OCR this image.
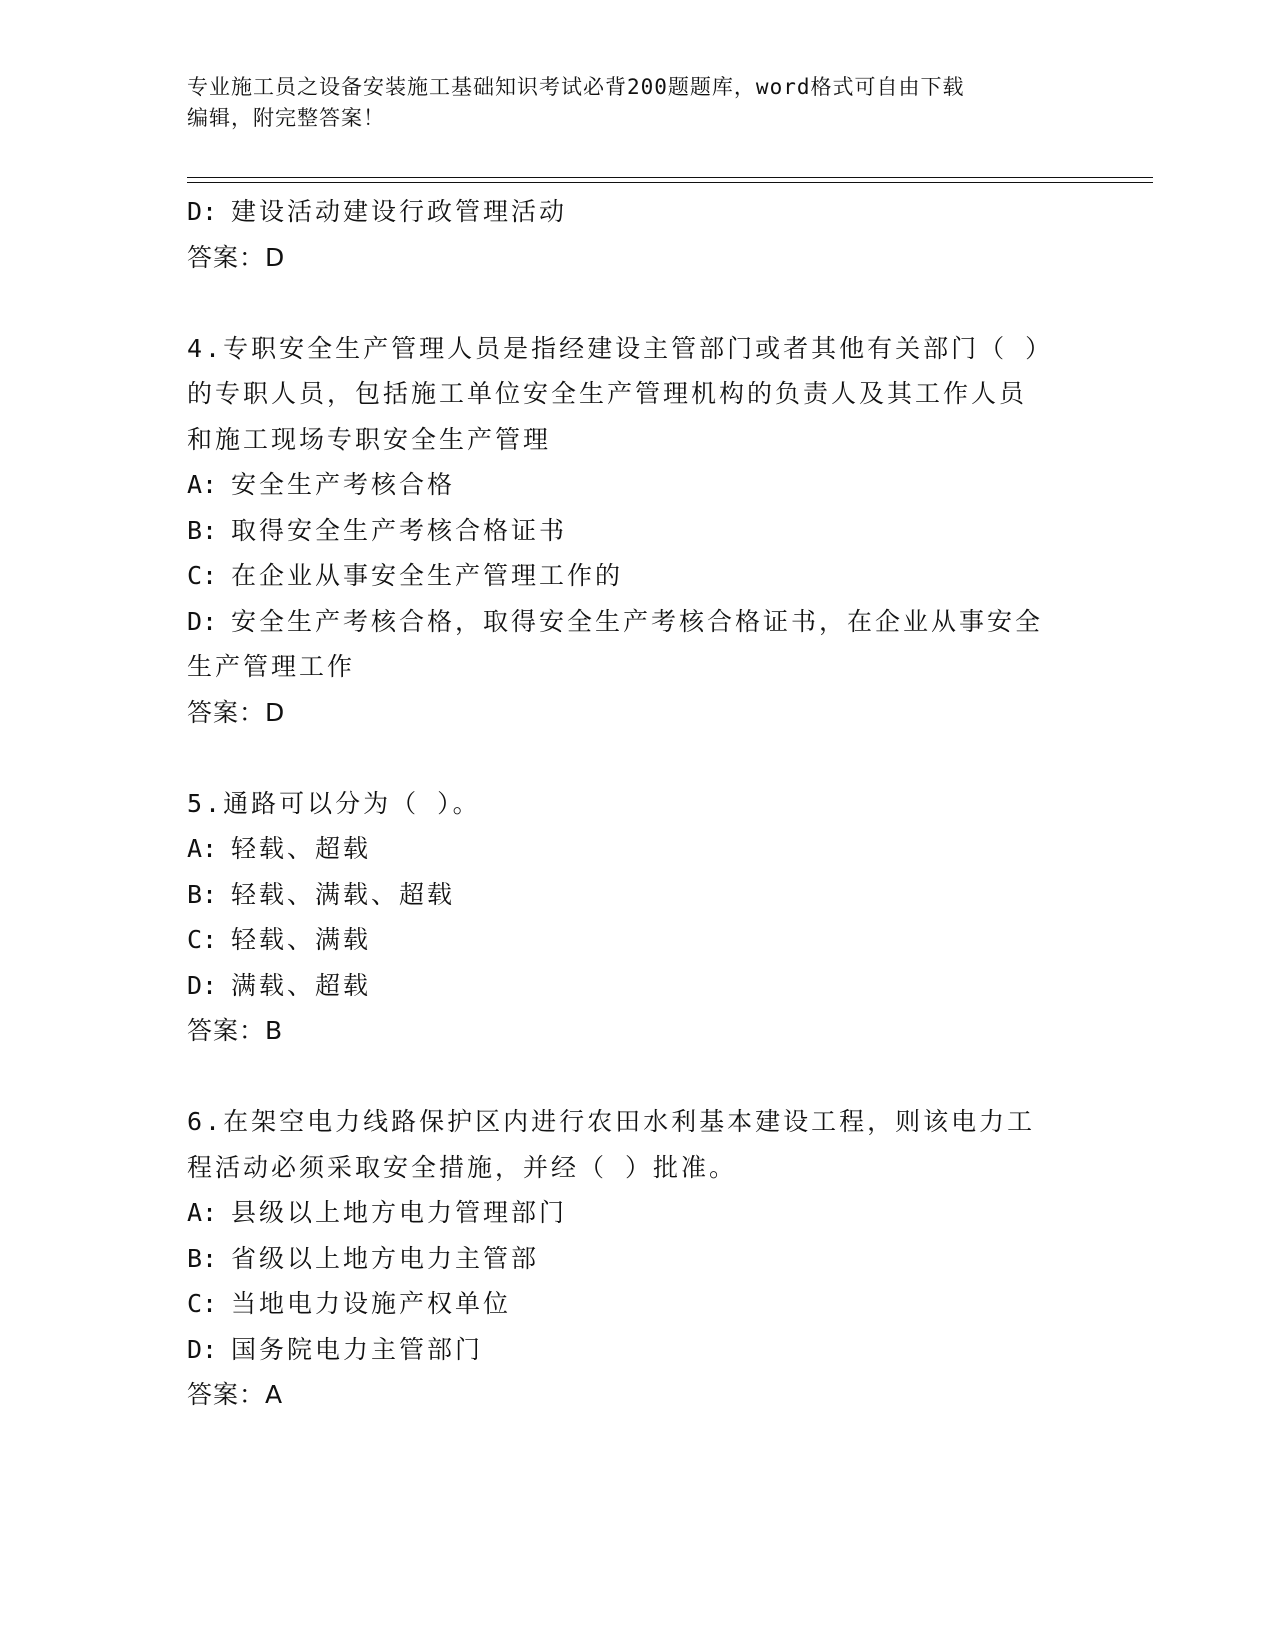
专业施工员之设备安装施工基础知识考试必背200题题库，word格式可自由下载
编辑，附完整答案！
D: 建设活动建设行政管理活动
答案：D
4.专职安全生产管理人员是指经建设主管部门或者其他有关部门（ ）
的专职人员，包括施工单位安全生产管理机构的负责人及其工作人员
和施工现场专职安全生产管理
A: 安全生产考核合格
B: 取得安全生产考核合格证书
C: 在企业从事安全生产管理工作的
D: 安全生产考核合格，取得安全生产考核合格证书，在企业从事安全
生产管理工作
答案：D
5.通路可以分为（ ）。
A: 轻载、超载
B: 轻载、满载、超载
C: 轻载、满载
D: 满载、超载
答案：B
6.在架空电力线路保护区内进行农田水利基本建设工程，则该电力工
程活动必须采取安全措施，并经（ ）批准。
A: 县级以上地方电力管理部门
B: 省级以上地方电力主管部
C: 当地电力设施产权单位
D: 国务院电力主管部门
答案：A
